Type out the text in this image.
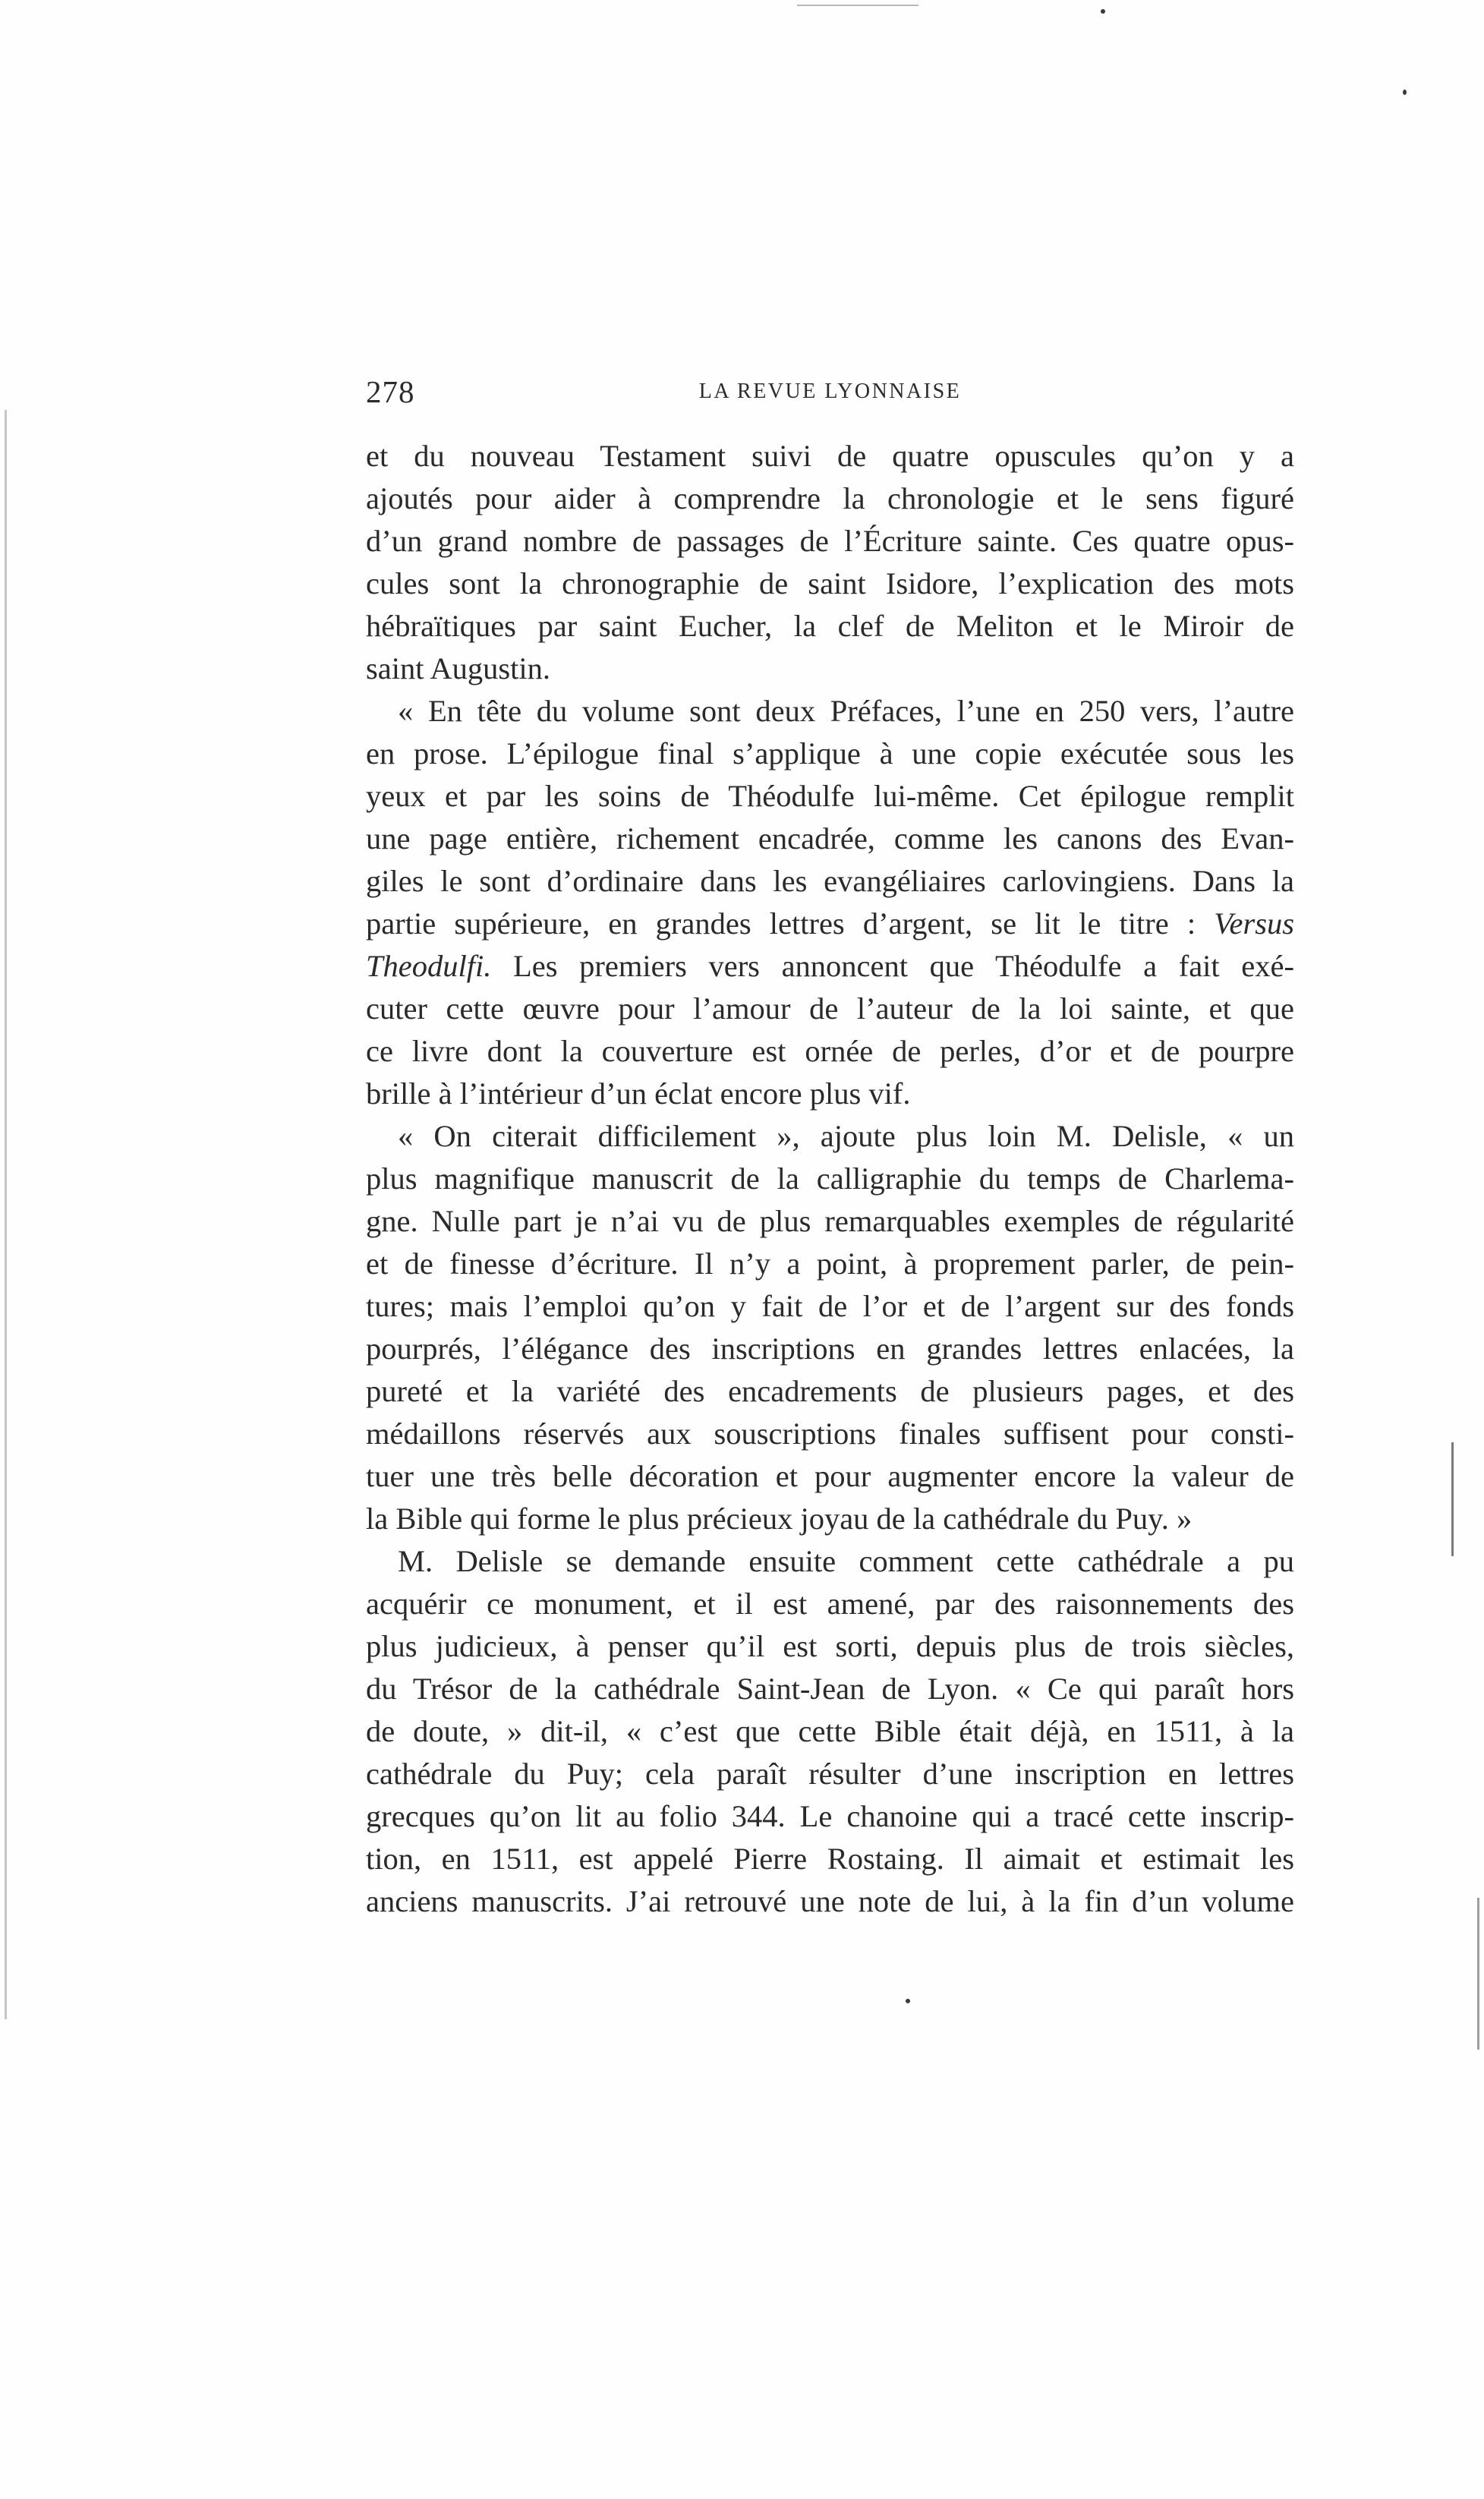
278	LA REVUE LYONNAISE
et du nouveau Testament suivi de quatre opuscules qu’on y a
ajoutés pour aider à comprendre la chronologie et le sens figuré
d’un grand nombre de passages de l’Écriture sainte. Ces quatre opus-
cules sont la chronographie de saint Isidore, l’explication des mots
hébraïtiques par saint Eucher, la clef de Meliton et le Miroir de
saint Augustin.
« En tête du volume sont deux Préfaces, l’une en 250 vers, l’autre
en prose. L’épilogue final s’applique à une copie exécutée sous les
yeux et par les soins de Théodulfe lui-même. Cet épilogue remplit
une page entière, richement encadrée, comme les canons des Evan-
giles le sont d’ordinaire dans les evangéliaires carlovingiens. Dans la
partie supérieure, en grandes lettres d’argent, se lit le titre : Versus
Theodulfi. Les premiers vers annoncent que Théodulfe a fait exé-
cuter cette œuvre pour l’amour de l’auteur de la loi sainte, et que
ce livre dont la couverture est ornée de perles, d’or et de pourpre
brille à l’intérieur d’un éclat encore plus vif.
« On citerait difficilement », ajoute plus loin M. Delisle, « un
plus magnifique manuscrit de la calligraphie du temps de Charlema-
gne. Nulle part je n’ai vu de plus remarquables exemples de régularité
et de finesse d’écriture. Il n’y a point, à proprement parler, de pein-
tures; mais l’emploi qu’on y fait de l’or et de l’argent sur des fonds
pourprés, l’élégance des inscriptions en grandes lettres enlacées, la
pureté et la variété des encadrements de plusieurs pages, et des
médaillons réservés aux souscriptions finales suffisent pour consti-
tuer une très belle décoration et pour augmenter encore la valeur de
la Bible qui forme le plus précieux joyau de la cathédrale du Puy. »
M. Delisle se demande ensuite comment cette cathédrale a pu
acquérir ce monument, et il est amené, par des raisonnements des
plus judicieux, à penser qu’il est sorti, depuis plus de trois siècles,
du Trésor de la cathédrale Saint-Jean de Lyon. « Ce qui paraît hors
de doute, » dit-il, « c’est que cette Bible était déjà, en 1511, à la
cathédrale du Puy; cela paraît résulter d’une inscription en lettres
grecques qu’on lit au folio 344. Le chanoine qui a tracé cette inscrip-
tion, en 1511, est appelé Pierre Rostaing. Il aimait et estimait les
anciens manuscrits. J’ai retrouvé une note de lui, à la fin d’un volume
